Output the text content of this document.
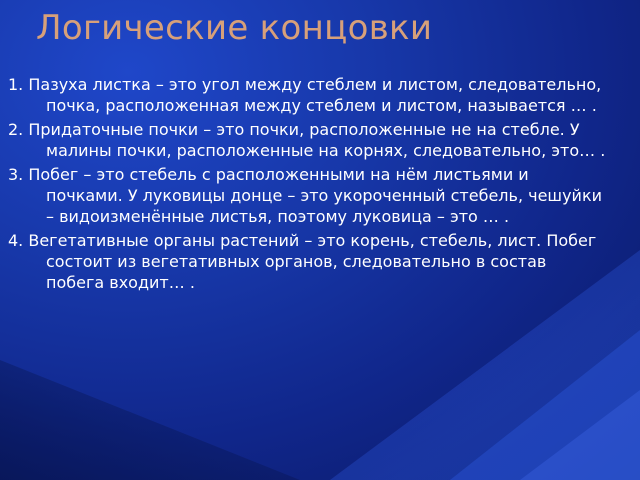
Логические концовки
1. Пазуха листка – это угол между стеблем и листом, следовательно, почка, расположенная между стеблем и листом, называется … .
2. Придаточные почки – это почки, расположенные не на стебле. У малины почки, расположенные на корнях, следовательно, это… .
3. Побег – это стебель с расположенными на нём листьями и почками. У луковицы донце – это укороченный стебель, чешуйки – видоизменённые листья, поэтому луковица – это … .
4. Вегетативные органы растений – это корень, стебель, лист. Побег состоит из вегетативных органов, следовательно в состав побега входит… .
